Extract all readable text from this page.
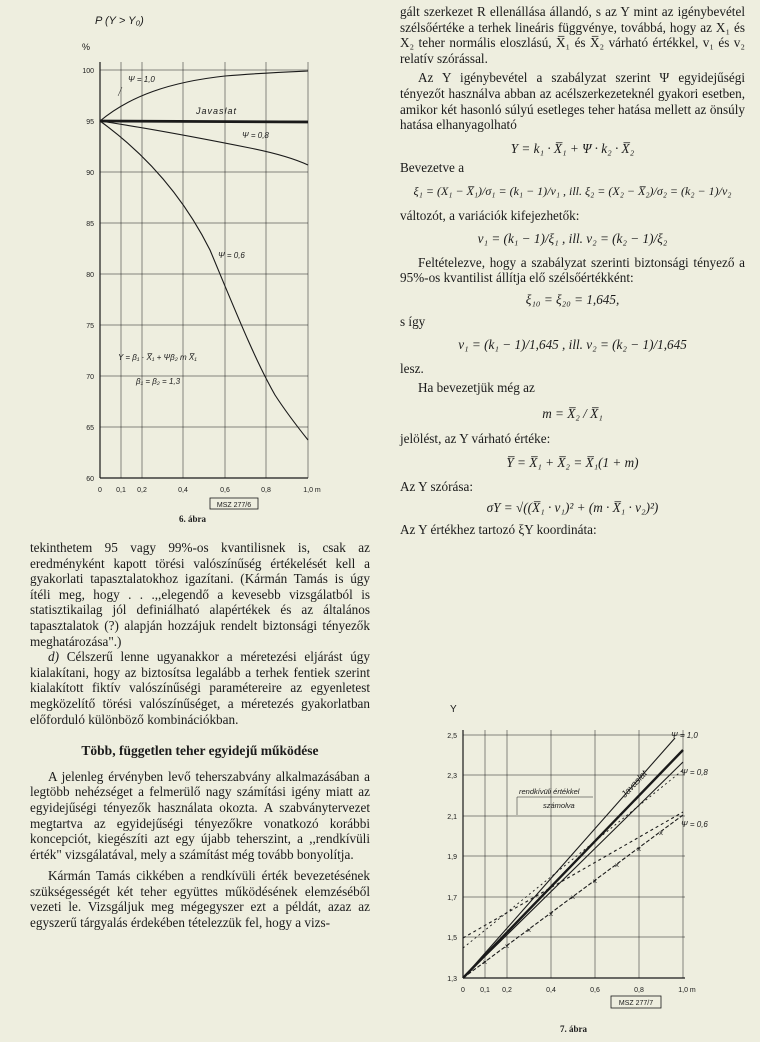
P (Y > Y₀)
%
100
95
90
85
80
75
70
65
60
0 0,1 0,2	0,4	0,6	0,8	1,0 m
Ψ = 1,0
Javaslat
Ψ = 0,8
Ψ = 0,6
Y = β₁ · X̅₁ + Ψβ₂ m X̅₁
β₁ = β₂ = 1,3
MSZ 277/6
6. ábra

tekinthetem 95 vagy 99%-os kvantilisnek is, csak az eredményként kapott törési valószínűség értékelését kell a gyakorlati tapasztalatokhoz igazítani. (Kármán Tamás is úgy ítéli meg, hogy . . .,,elegendő a kevesebb vizsgálatból is statisztikailag jól definiálható alapértékek és az általános tapasztalatok (?) alapján hozzájuk rendelt biztonsági tényezők meghatározása".)

d) Célszerű lenne ugyanakkor a méretezési eljárást úgy kialakítani, hogy az biztosítsa legalább a terhek fentiek szerint kialakított fiktív valószínűségi paramétereire az egyenletest megközelítő törési valószínűséget, a méretezés gyakorlatban előforduló különböző kombinációkban.

Több, független teher egyidejű működése

A jelenleg érvényben levő teherszabvány alkalmazásában a legtöbb nehézséget a felmerülő nagy számítási igény miatt az egyidejűségi tényezők használata okozta. A szabványtervezet megtartva az egyidejűségi tényezőkre vonatkozó korábbi koncepciót, kiegészíti azt egy újabb teherszint, a ,,rendkívüli érték" vizsgálatával, mely a számítást még tovább bonyolítja.

Kármán Tamás cikkében a rendkívüli érték bevezetésének szükségességét két teher együttes működésének elemzéséből vezeti le. Vizsgáljuk meg mégegyszer ezt a példát, azaz az egyszerű tárgyalás érdekében tételezzük fel, hogy a vizs-

gált szerkezet R ellenállása állandó, s az Y mint az igénybevétel szélsőértéke a terhek lineáris függvénye, továbbá, hogy az X₁ és X₂ teher normális eloszlású, X̅₁ és X̅₂ várható értékkel, v₁ és v₂ relatív szórással.

Az Y igénybevétel a szabályzat szerint Ψ egyidejűségi tényezőt használva abban az acélszerkezeteknél gyakori esetben, amikor két hasonló súlyú esetleges teher hatása mellett az önsúly hatása elhanyagolható

Y = k₁ · X̅₁ + Ψ · k₂ · X̅₂

Bevezetve a

ξ₁ = (X₁ − X̅₁)/σ₁ = (k₁ − 1)/v₁ , ill. ξ₂ = (X₂ − X̅₂)/σ₂ = (k₂ − 1)/v₂

változót, a variációk kifejezhetők:

v₁ = (k₁ − 1)/ξ₁ , ill. v₂ = (k₂ − 1)/ξ₂

Feltételezve, hogy a szabályzat szerinti biztonsági tényező a 95%-os kvantilist állítja elő szélsőértékként:

ξ₁₀ = ξ₂₀ = 1,645,

s így

v₁ = (k₁ − 1)/1,645 , ill. v₂ = (k₂ − 1)/1,645

lesz.

Ha bevezetjük még az

m = X̅₂ / X̅₁

jelölést, az Y várható értéke:

Y̅ = X̅₁ + X̅₂ = X̅₁(1 + m)

Az Y szórása:

σY = √((X̅₁ · v₁)² + (m · X̅₁ · v₂)²)

Az Y értékhez tartozó ξY koordináta:

Y
2,5
2,3
2,1
1,9
1,7
1,5
1,3
0 0,1 0,2	0,4	0,6	0,8	1,0 m
×
×
×
×
×
×
×
×
×
Ψ = 1,0
Ψ = 0,8
Ψ = 0,6
Javaslat
rendkívüli értékkel
számolva
MSZ 277/7
7. ábra
